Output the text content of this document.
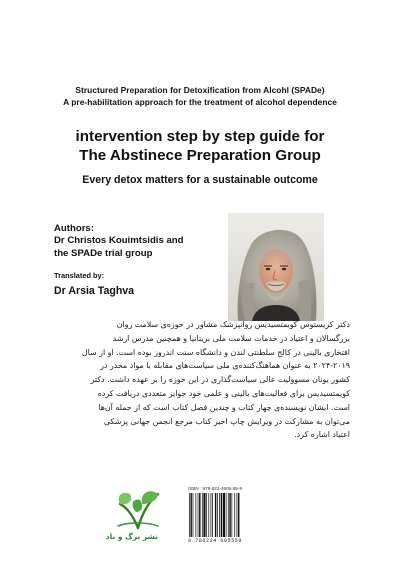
Structured Preparation for Detoxification from Alcohl (SPADe)
A pre-habilitation approach for the treatment of alcohol dependence
intervention step by step guide for
The Abstinece Preparation Group
Every detox matters for a sustainable outcome
Authors:
Dr Christos Kouimtsidis and
the SPADe trial group
Translated by:
Dr Arsia Taghva
دکتر کریستوس کویمتسیدیس روانپزشک مشاور در حوزه‌ی سلامت روان
بزرگسالان و اعتیاد در خدمات سلامت ملی بریتانیا و همچنین مدرس ارشد
افتخاری بالینی در کالج سلطنتی لندن و دانشگاه سنت اندروز بوده است. او از سال
۲۰۲۴-۲۰۱۹ به عنوان هماهنگ‌کننده‌ی ملی سیاست‌های مقابله با مواد مخدر در
کشور یونان مسوولیت عالی سیاست‌گذاری در این حوزه را بر عهده داشت. دکتر
کویمتسیدیس برای فعالیت‌های بالینی و علمی خود جوایز متعددی دریافت کرده
است. ایشان نویسنده‌ی چهار کتاب و چندین فصل کتاب است که از جمله آن‌ها
می‌توان به مشارکت در ویرایش چاپ اخیر کتاب مرجع انجمن جهانی پزشکی
اعتیاد اشاره کرد.
نشر برگ و باد
ISBN : 978-622-4605-55-9
9 786224 605559
